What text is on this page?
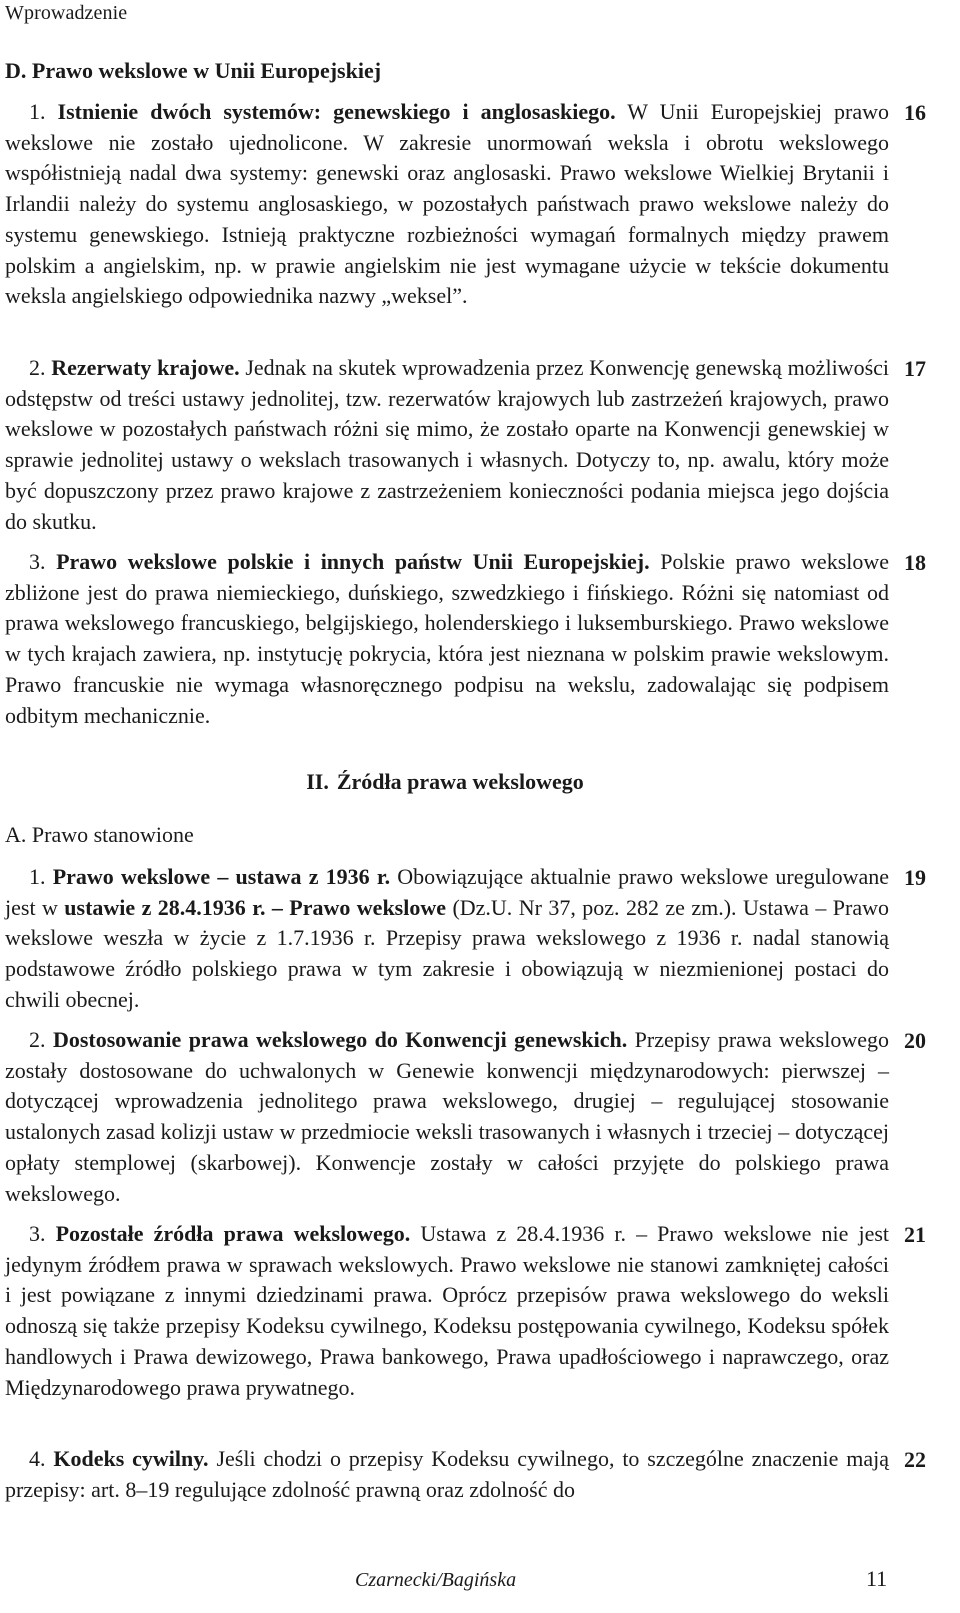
Wprowadzenie
D. Prawo wekslowe w Unii Europejskiej
1. Istnienie dwóch systemów: genewskiego i anglosaskiego. W Unii Europejskiej prawo wekslowe nie zostało ujednolicone. W zakresie unormowań weksla i obrotu wekslowego współistnieją nadal dwa systemy: genewski oraz anglosaski. Prawo wekslowe Wielkiej Brytanii i Irlandii należy do systemu anglosaskiego, w pozostałych państwach prawo wekslowe należy do systemu genewskiego. Istnieją praktyczne rozbieżności wymagań formalnych między prawem polskim a angielskim, np. w prawie angielskim nie jest wymagane użycie w tekście dokumentu weksla angielskiego odpowiednika nazwy „weksel”.
16
2. Rezerwaty krajowe. Jednak na skutek wprowadzenia przez Konwencję genewską możliwości odstępstw od treści ustawy jednolitej, tzw. rezerwatów krajowych lub zastrzeżeń krajowych, prawo wekslowe w pozostałych państwach różni się mimo, że zostało oparte na Konwencji genewskiej w sprawie jednolitej ustawy o wekslach trasowanych i własnych. Dotyczy to, np. awalu, który może być dopuszczony przez prawo krajowe z zastrzeżeniem konieczności podania miejsca jego dojścia do skutku.
17
3. Prawo wekslowe polskie i innych państw Unii Europejskiej. Polskie prawo wekslowe zbliżone jest do prawa niemieckiego, duńskiego, szwedzkiego i fińskiego. Różni się natomiast od prawa wekslowego francuskiego, belgijskiego, holenderskiego i luksemburskiego. Prawo wekslowe w tych krajach zawiera, np. instytucję pokrycia, która jest nieznana w polskim prawie wekslowym. Prawo francuskie nie wymaga własnoręcznego podpisu na wekslu, zadowalając się podpisem odbitym mechanicznie.
18
II. Źródła prawa wekslowego
A. Prawo stanowione
1. Prawo wekslowe – ustawa z 1936 r. Obowiązujące aktualnie prawo wekslowe uregulowane jest w ustawie z 28.4.1936 r. – Prawo wekslowe (Dz.U. Nr 37, poz. 282 ze zm.). Ustawa – Prawo wekslowe weszła w życie z 1.7.1936 r. Przepisy prawa wekslowego z 1936 r. nadal stanowią podstawowe źródło polskiego prawa w tym zakresie i obowiązują w niezmienionej postaci do chwili obecnej.
19
2. Dostosowanie prawa wekslowego do Konwencji genewskich. Przepisy prawa wekslowego zostały dostosowane do uchwalonych w Genewie konwencji międzynarodowych: pierwszej – dotyczącej wprowadzenia jednolitego prawa wekslowego, drugiej – regulującej stosowanie ustalonych zasad kolizji ustaw w przedmiocie weksli trasowanych i własnych i trzeciej – dotyczącej opłaty stemplowej (skarbowej). Konwencje zostały w całości przyjęte do polskiego prawa wekslowego.
20
3. Pozostałe źródła prawa wekslowego. Ustawa z 28.4.1936 r. – Prawo wekslowe nie jest jedynym źródłem prawa w sprawach wekslowych. Prawo wekslowe nie stanowi zamkniętej całości i jest powiązane z innymi dziedzinami prawa. Oprócz przepisów prawa wekslowego do weksli odnoszą się także przepisy Kodeksu cywilnego, Kodeksu postępowania cywilnego, Kodeksu spółek handlowych i Prawa dewizowego, Prawa bankowego, Prawa upadłościowego i naprawczego, oraz Międzynarodowego prawa prywatnego.
21
4. Kodeks cywilny. Jeśli chodzi o przepisy Kodeksu cywilnego, to szczególne znaczenie mają przepisy: art. 8–19 regulujące zdolność prawną oraz zdolność do
22
Czarnecki/Bagińska	11
